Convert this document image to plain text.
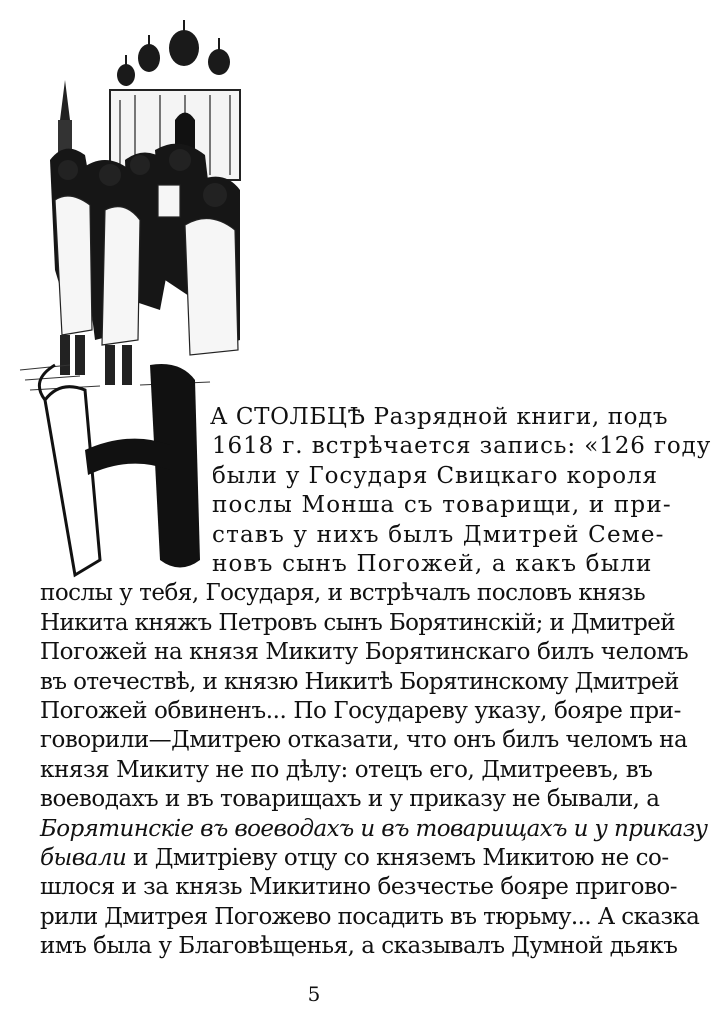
А СТОЛБЦѢ Разрядной книги, подъ
1618 г. встрѣчается запись: «126 году
были у Государя Свицкаго короля
послы Монша съ товарищи, и при-
ставъ у нихъ былъ Дмитрей Семе-
новъ сынъ Погожей, а какъ были
послы у тебя, Государя, и встрѣчалъ пословъ князь
Никита княжъ Петровъ сынъ Борятинскій; и Дмитрей
Погожей на князя Микиту Борятинскаго билъ челомъ
въ отечествѣ, и князю Никитѣ Борятинскому Дмитрей
Погожей обвиненъ... По Государеву указу, бояре при-
говорили—Дмитрею отказати, что онъ билъ челомъ на
князя Микиту не по дѣлу: отецъ его, Дмитреевъ, въ
воеводахъ и въ товарищахъ и у приказу не бывали, а
Борятинскіе въ воеводахъ и въ товарищахъ и у приказу
бывали и Дмитріеву отцу со княземъ Микитою не со-
шлося и за князь Микитино безчестье бояре пригово-
рили Дмитрея Погожево посадить въ тюрьму... А сказка
имъ была у Благовѣщенья, а сказывалъ Думной дьякъ
5
